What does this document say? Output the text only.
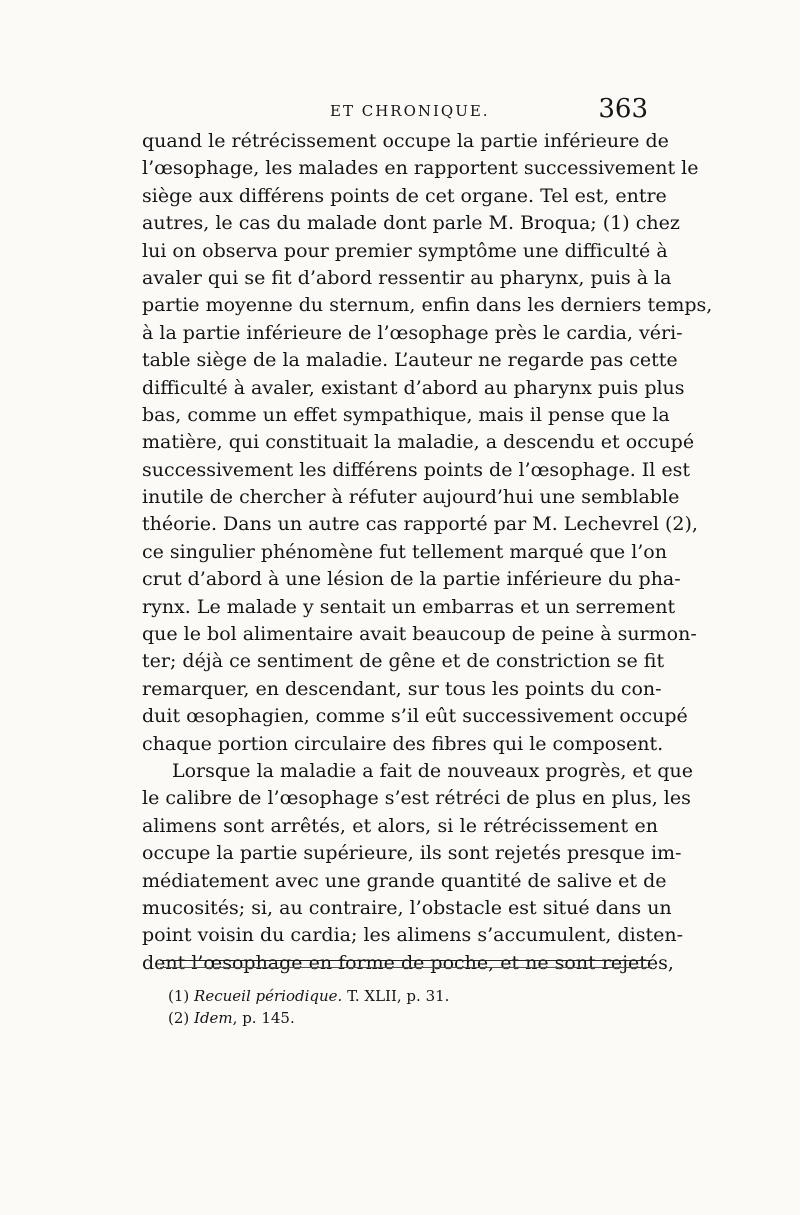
ET CHRONIQUE.	363
quand le rétrécissement occupe la partie inférieure de
l’œsophage, les malades en rapportent successivement le
siège aux différens points de cet organe. Tel est, entre
autres, le cas du malade dont parle M. Broqua; (1) chez
lui on observa pour premier symptôme une difficulté à
avaler qui se fit d’abord ressentir au pharynx, puis à la
partie moyenne du sternum, enfin dans les derniers temps,
à la partie inférieure de l’œsophage près le cardia, véri-
table siège de la maladie. L’auteur ne regarde pas cette
difficulté à avaler, existant d’abord au pharynx puis plus
bas, comme un effet sympathique, mais il pense que la
matière, qui constituait la maladie, a descendu et occupé
successivement les différens points de l’œsophage. Il est
inutile de chercher à réfuter aujourd’hui une semblable
théorie. Dans un autre cas rapporté par M. Lechevrel (2),
ce singulier phénomène fut tellement marqué que l’on
crut d’abord à une lésion de la partie inférieure du pha-
rynx. Le malade y sentait un embarras et un serrement
que le bol alimentaire avait beaucoup de peine à surmon-
ter; déjà ce sentiment de gêne et de constriction se fit
remarquer, en descendant, sur tous les points du con-
duit œsophagien, comme s’il eût successivement occupé
chaque portion circulaire des fibres qui le composent.
Lorsque la maladie a fait de nouveaux progrès, et que
le calibre de l’œsophage s’est rétréci de plus en plus, les
alimens sont arrêtés, et alors, si le rétrécissement en
occupe la partie supérieure, ils sont rejetés presque im-
médiatement avec une grande quantité de salive et de
mucosités; si, au contraire, l’obstacle est situé dans un
point voisin du cardia; les alimens s’accumulent, disten-
dent l’œsophage en forme de poche, et ne sont rejetés,
(1) Recueil périodique. T. XLII, p. 31.
(2) Idem, p. 145.
